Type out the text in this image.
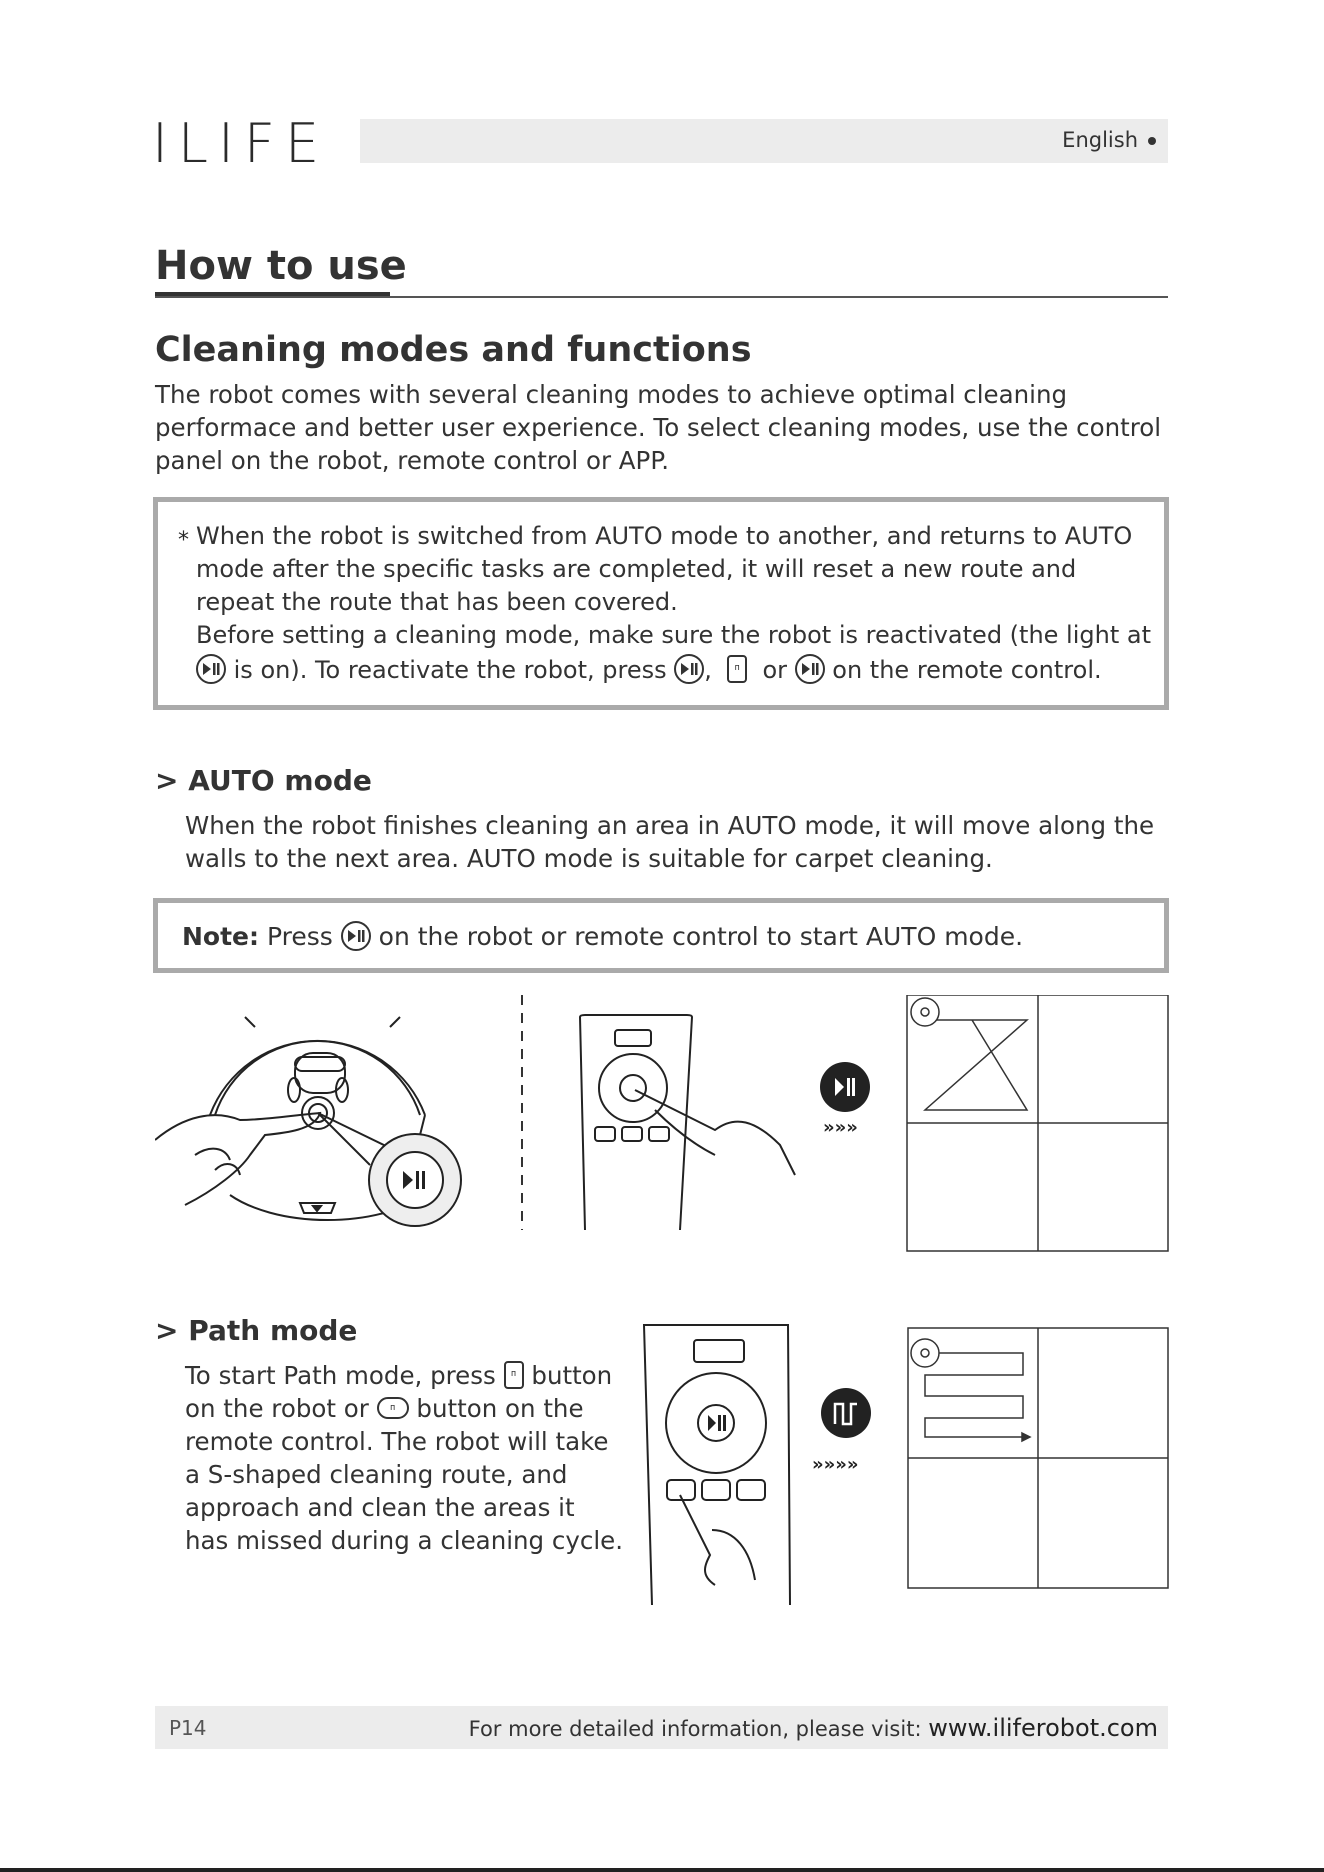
ILIFE	English
How to use
Cleaning modes and functions
The robot comes with several cleaning modes to achieve optimal cleaning
performace and better user experience. To select cleaning modes, use the control
panel on the robot, remote control or APP.
* When the robot is switched from AUTO mode to another, and returns to AUTO
mode after the specific tasks are completed, it will reset a new route and
repeat the route that has been covered.
Before setting a cleaning mode, make sure the robot is reactivated (the light at
is on). To reactivate the robot, press ,	ᴨ or on the remote control.
> AUTO mode
When the robot finishes cleaning an area in AUTO mode, it will move along the
walls to the next area. AUTO mode is suitable for carpet cleaning.
Note: Press on the robot or remote control to start AUTO mode.
»»»
> Path mode
To start Path mode, press ᴨ button
on the robot or ᴨ button on the
remote control. The robot will take
a S-shaped cleaning route, and
approach and clean the areas it
has missed during a cleaning cycle.
»»»»
P14	For more detailed information, please visit: www.iliferobot.com
